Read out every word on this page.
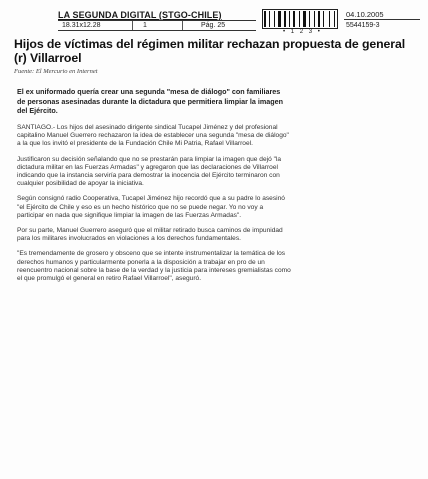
LA SEGUNDA DIGITAL (STGO-CHILE)
18.31x12.28	1	Pág. 25
• 1 2 3 •
04.10.2005
5544159-3
Hijos de víctimas del régimen militar rechazan propuesta de general (r) Villarroel
Fuente: El Mercurio en Internet
El ex uniformado quería crear una segunda "mesa de diálogo" con familiares de personas asesinadas durante la dictadura que permitiera limpiar la imagen del Ejército.

SANTIAGO.- Los hijos del asesinado dirigente sindical Tucapel Jiménez y del profesional capitalino Manuel Guerrero rechazaron la idea de establecer una segunda "mesa de diálogo" a la que los invitó el presidente de la Fundación Chile Mi Patria, Rafael Villarroel.

Justificaron su decisión señalando que no se prestarán para limpiar la imagen que dejó "la dictadura militar en las Fuerzas Armadas" y agregaron que las declaraciones de Villarroel indicando que la instancia serviría para demostrar la inocencia del Ejército terminaron con cualquier posibilidad de apoyar la iniciativa.

Según consignó radio Cooperativa, Tucapel Jiménez hijo recordó que a su padre lo asesinó "el Ejército de Chile y eso es un hecho histórico que no se puede negar. Yo no voy a participar en nada que signifique limpiar la imagen de las Fuerzas Armadas".

Por su parte, Manuel Guerrero aseguró que el militar retirado busca caminos de impunidad para los militares involucrados en violaciones a los derechos fundamentales.

"Es tremendamente de grosero y obsceno que se intente instrumentalizar la temática de los derechos humanos y particularmente ponerla a la disposición a trabajar en pro de un reencuentro nacional sobre la base de la verdad y la justicia para intereses gremialistas como el que promulgó el general en retiro Rafael Villarroel", aseguró.
